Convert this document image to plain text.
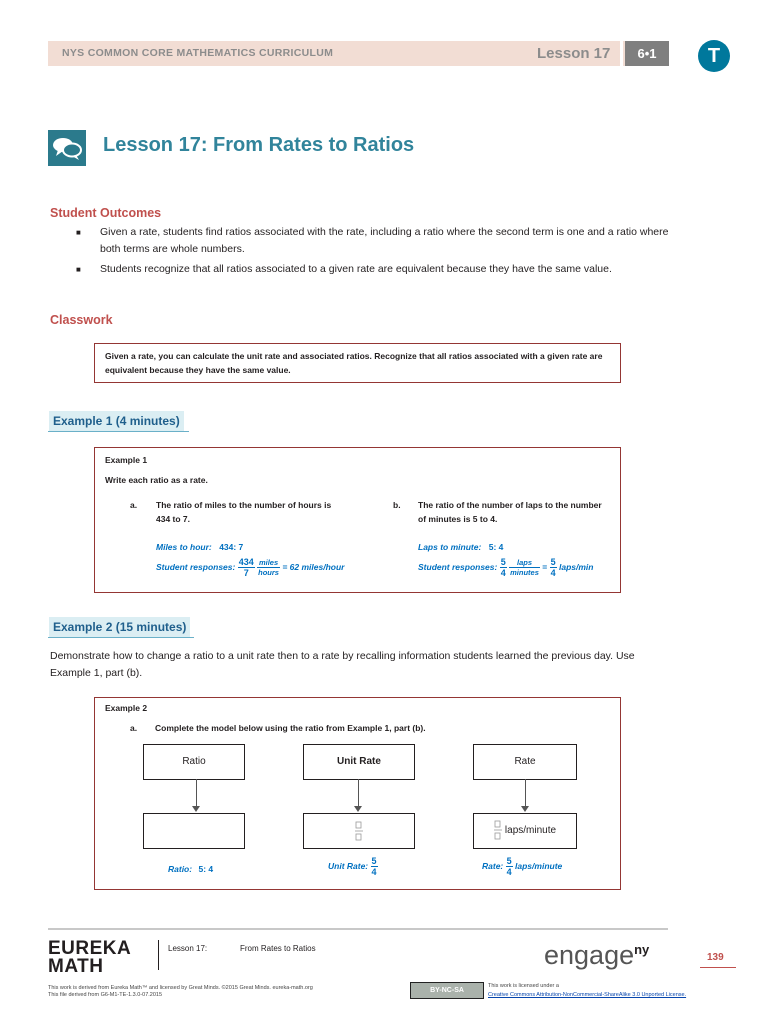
NYS COMMON CORE MATHEMATICS CURRICULUM	Lesson 17	6•1	T
Lesson 17: From Rates to Ratios
Student Outcomes
■ Given a rate, students find ratios associated with the rate, including a ratio where the second term is one and a ratio where both terms are whole numbers.
■ Students recognize that all ratios associated to a given rate are equivalent because they have the same value.
Classwork
Given a rate, you can calculate the unit rate and associated ratios. Recognize that all ratios associated with a given rate are equivalent because they have the same value.
Example 1 (4 minutes)
Example 1
Write each ratio as a rate.
a. The ratio of miles to the number of hours is
434 to 7.
Miles to hour: 434: 7
Student responses: $\frac{434}{7}$
$\frac{\text{miles}}{\text{hours}} = 62$ miles/hour
b. The ratio of the number of laps to the number
of minutes is 5 to 4.
Laps to minute: 5: 4
Student responses: $\frac{5}{4}$
$\frac{\text{laps}}{\text{minutes}} = \frac{5}{4}$ laps/min
Example 2 (15 minutes)
Demonstrate how to change a ratio to a unit rate then to a rate by recalling information students learned the previous day. Use Example 1, part (b).
Example 2
a. Complete the model below using the ratio from Example 1, part (b).
Ratio	Unit Rate	Rate
laps/minute
Ratio: 5: 4	Unit Rate: $\frac{5}{4}$	Rate: $\frac{5}{4}$ laps/minute
EUREKA
MATH
Lesson 17:	From Rates to Ratios	engage$^{ny}$
139
This work is derived from Eureka Math™ and licensed by Great Minds. ©2015 Great Minds. eureka-math.org
This file derived from G6-M1-TE-1.3.0-07.2015
BY-NC-SA
This work is licensed under a
Creative Commons Attribution-NonCommercial-ShareAlike 3.0 Unported License.
